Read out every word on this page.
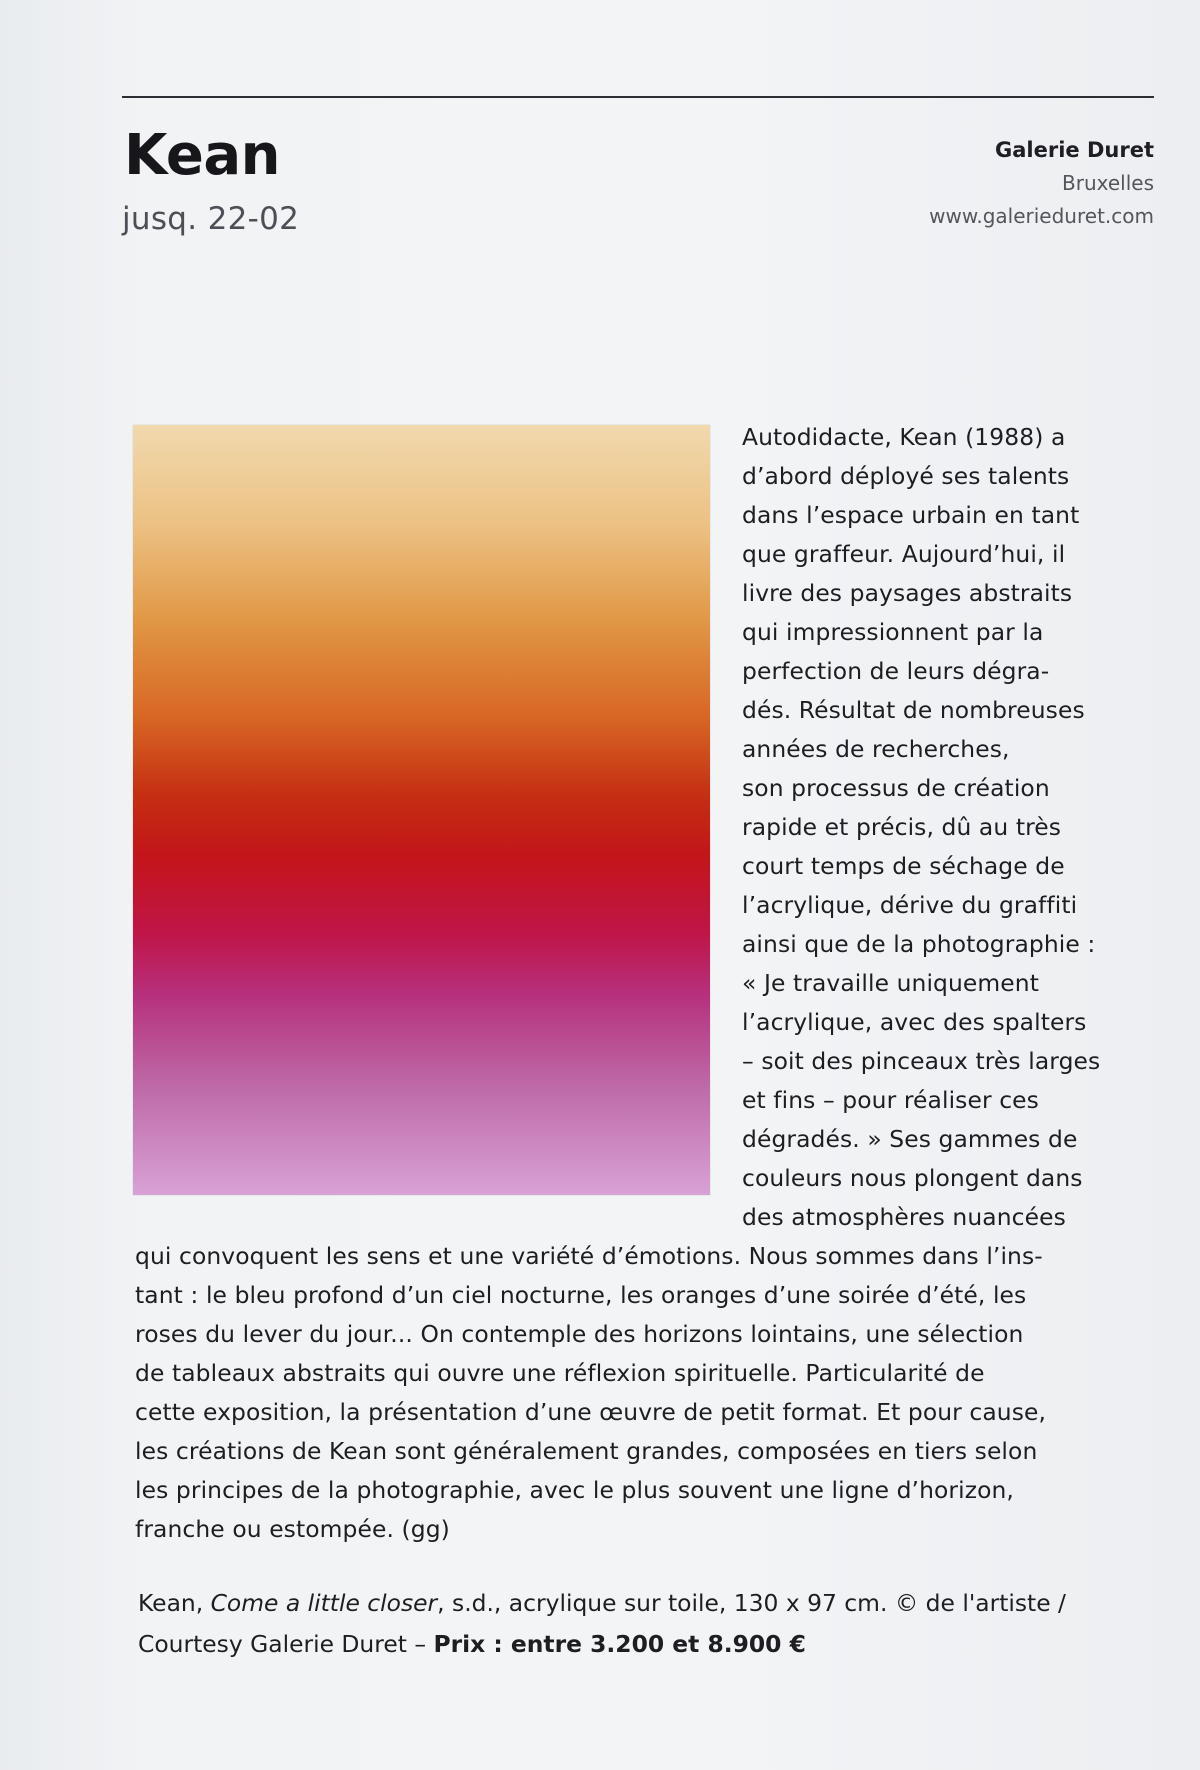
Kean
jusq. 22-02
Galerie Duret
Bruxelles
www.galerieduret.com
Autodidacte, Kean (1988) a
d’abord déployé ses talents
dans l’espace urbain en tant
que graffeur. Aujourd’hui, il
livre des paysages abstraits
qui impressionnent par la
perfection de leurs dégra-
dés. Résultat de nombreuses
années de recherches,
son processus de création
rapide et précis, dû au très
court temps de séchage de
l’acrylique, dérive du graffiti
ainsi que de la photographie :
« Je travaille uniquement
l’acrylique, avec des spalters
– soit des pinceaux très larges
et fins – pour réaliser ces
dégradés. » Ses gammes de
couleurs nous plongent dans
des atmosphères nuancées
qui convoquent les sens et une variété d’émotions. Nous sommes dans l’ins-
tant : le bleu profond d’un ciel nocturne, les oranges d’une soirée d’été, les
roses du lever du jour... On contemple des horizons lointains, une sélection
de tableaux abstraits qui ouvre une réflexion spirituelle. Particularité de
cette exposition, la présentation d’une œuvre de petit format. Et pour cause,
les créations de Kean sont généralement grandes, composées en tiers selon
les principes de la photographie, avec le plus souvent une ligne d’horizon,
franche ou estompée. (gg)
Kean, Come a little closer, s.d., acrylique sur toile, 130 x 97 cm. © de l'artiste /
Courtesy Galerie Duret – Prix : entre 3.200 et 8.900 €
